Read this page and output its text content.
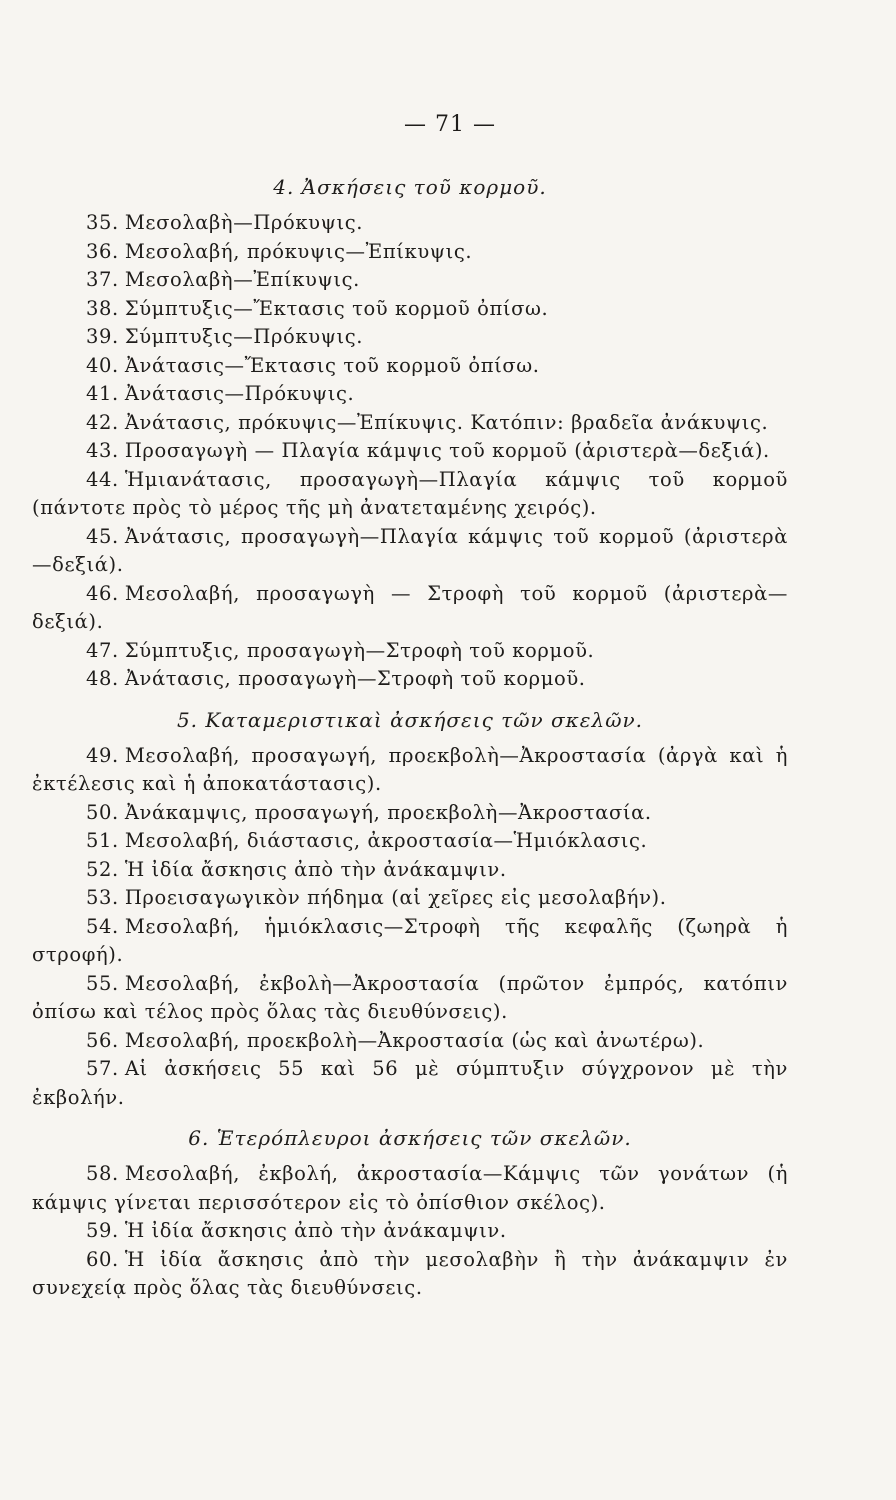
— 71 —
4. Ἀσκήσεις τοῦ κορμοῦ.

35. Μεσολαβὴ—Πρόκυψις.

36. Μεσολαβή, πρόκυψις—Ἐπίκυψις.

37. Μεσολαβὴ—Ἐπίκυψις.

38. Σύμπτυξις—Ἔκτασις τοῦ κορμοῦ ὀπίσω.

39. Σύμπτυξις—Πρόκυψις.

40. Ἀνάτασις—Ἔκτασις τοῦ κορμοῦ ὀπίσω.

41. Ἀνάτασις—Πρόκυψις.

42. Ἀνάτασις, πρόκυψις—Ἐπίκυψις. Κατόπιν: βραδεῖα ἀνάκυψις.

43. Προσαγωγὴ — Πλαγία κάμψις τοῦ κορμοῦ (ἀριστερὰ—δεξιά).

44. Ἡμιανάτασις, προσαγωγὴ—Πλαγία κάμψις τοῦ κορμοῦ (πάντοτε πρὸς τὸ μέρος τῆς μὴ ἀνατεταμένης χειρός).

45. Ἀνάτασις, προσαγωγὴ—Πλαγία κάμψις τοῦ κορμοῦ (ἀριστερὰ—δεξιά).

46. Μεσολαβή, προσαγωγὴ — Στροφὴ τοῦ κορμοῦ (ἀριστερὰ—δεξιά).

47. Σύμπτυξις, προσαγωγὴ—Στροφὴ τοῦ κορμοῦ.

48. Ἀνάτασις, προσαγωγὴ—Στροφὴ τοῦ κορμοῦ.

5. Καταμεριστικαὶ ἀσκήσεις τῶν σκελῶν.

49. Μεσολαβή, προσαγωγή, προεκβολὴ—Ἀκροστασία (ἀργὰ καὶ ἡ ἐκτέλεσις καὶ ἡ ἀποκατάστασις).

50. Ἀνάκαμψις, προσαγωγή, προεκβολὴ—Ἀκροστασία.

51. Μεσολαβή, διάστασις, ἀκροστασία—Ἡμιόκλασις.

52. Ἡ ἰδία ἄσκησις ἀπὸ τὴν ἀνάκαμψιν.

53. Προεισαγωγικὸν πήδημα (αἱ χεῖρες εἰς μεσολαβήν).

54. Μεσολαβή, ἡμιόκλασις—Στροφὴ τῆς κεφαλῆς (ζωηρὰ ἡ στροφή).

55. Μεσολαβή, ἐκβολὴ—Ἀκροστασία (πρῶτον ἐμπρός, κατόπιν ὀπίσω καὶ τέλος πρὸς ὅλας τὰς διευθύνσεις).

56. Μεσολαβή, προεκβολὴ—Ἀκροστασία (ὡς καὶ ἀνωτέρω).

57. Αἱ ἀσκήσεις 55 καὶ 56 μὲ σύμπτυξιν σύγχρονον μὲ τὴν ἐκβολήν.

6. Ἑτερόπλευροι ἀσκήσεις τῶν σκελῶν.

58. Μεσολαβή, ἐκβολή, ἀκροστασία—Κάμψις τῶν γονάτων (ἡ κάμψις γίνεται περισσότερον εἰς τὸ ὀπίσθιον σκέλος).

59. Ἡ ἰδία ἄσκησις ἀπὸ τὴν ἀνάκαμψιν.

60. Ἡ ἰδία ἄσκησις ἀπὸ τὴν μεσολαβὴν ἢ τὴν ἀνάκαμψιν ἐν συνεχείᾳ πρὸς ὅλας τὰς διευθύνσεις.
